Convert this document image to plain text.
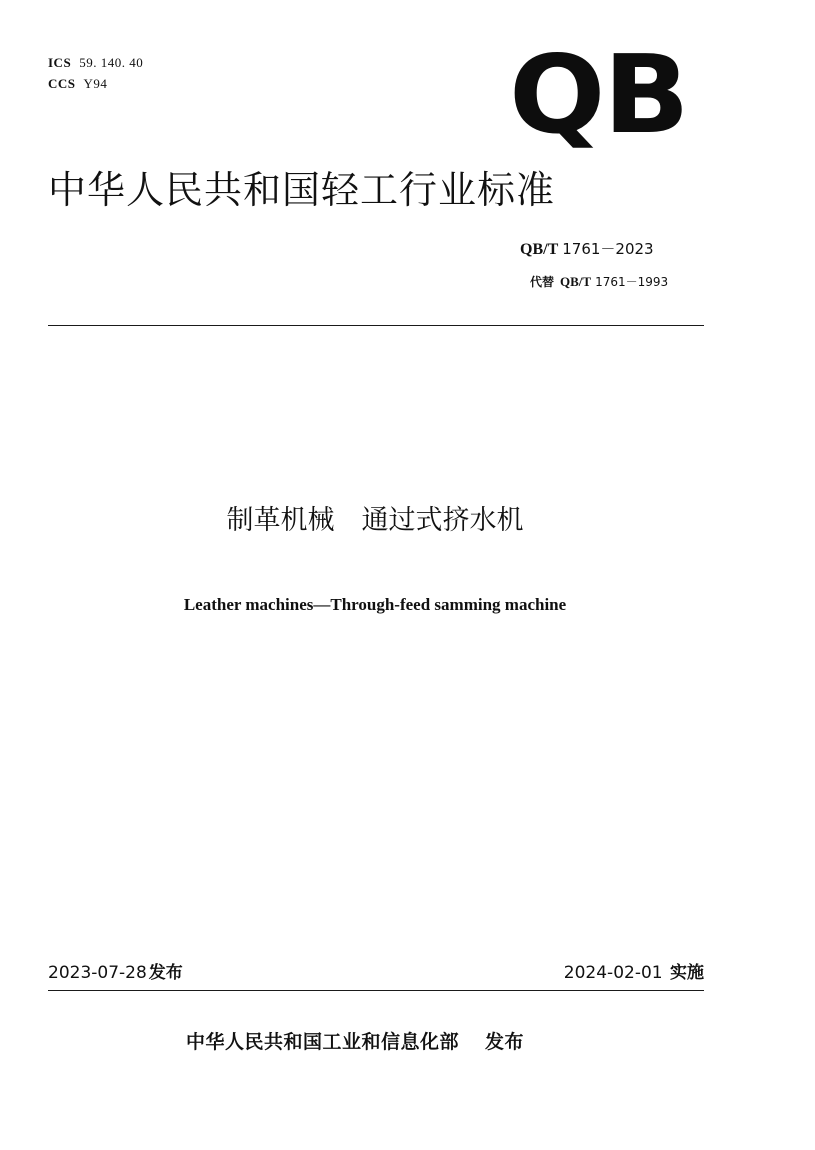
ICS 59. 140. 40
CCS Y94	QB
中华人民共和国轻工行业标准
QB/T 1761－2023
代替 QB/T 1761－1993
制革机械　通过式挤水机
Leather machines—Through-feed samming machine
2023-07-28 发布	2024-02-01 实施
中华人民共和国工业和信息化部 发布
